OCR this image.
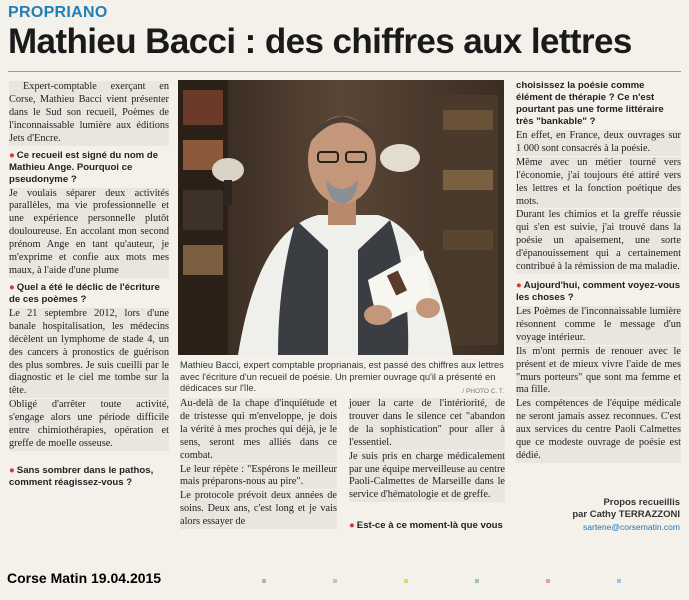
PROPRIANO
Mathieu Bacci : des chiffres aux lettres

Expert-comptable exerçant en Corse, Mathieu Bacci vient présenter dans le Sud son recueil, Poèmes de l'inconnaissable lumière aux éditions Jets d'Encre.

● Ce recueil est signé du nom de Mathieu Ange. Pourquoi ce pseudonyme ?

Je voulais séparer deux activités parallèles, ma vie professionnelle et une expérience personnelle plutôt douloureuse. En accolant mon second prénom Ange en tant qu'auteur, je m'exprime et confie aux mots mes maux, à l'aide d'une plume

● Quel a été le déclic de l'écriture de ces poèmes ?

Le 21 septembre 2012, lors d'une banale hospitalisation, les médecins décèlent un lymphome de stade 4, un des cancers à pronostics de guérison des plus sombres. Je suis cueilli par le diagnostic et le ciel me tombe sur la tête.

Obligé d'arrêter toute activité, s'engage alors une période difficile entre chimiothérapies, opération et greffe de moelle osseuse.

● Sans sombrer dans le pathos, comment réagissez-vous ?
Mathieu Bacci, expert comptable proprianais, est passé des chiffres aux lettres avec l'écriture d'un recueil de poésie. Un premier ouvrage qu'il a présenté en dédicaces sur l'île.	/ PHOTO C. T.

Au-delà de la chape d'inquiétude et de tristesse qui m'enveloppe, je dois la vérité à mes proches qui déjà, je le sens, seront mes alliés dans ce combat.

Le leur répète : "Espérons le meilleur mais préparons-nous au pire".

Le protocole prévoit deux années de soins. Deux ans, c'est long et je vais alors essayer de

jouer la carte de l'intériorité, de trouver dans le silence cet "abandon de la sophistication" pour aller à l'essentiel.

Je suis pris en charge médicalement par une équipe merveilleuse au centre Paoli-Calmettes de Marseille dans le service d'hématologie et de greffe.

● Est-ce à ce moment-là que vous
choisissez la poésie comme élément de thérapie ? Ce n'est pourtant pas une forme littéraire très "bankable" ?

En effet, en France, deux ouvrages sur 1 000 sont consacrés à la poésie.

Même avec un métier tourné vers l'économie, j'ai toujours été attiré vers les lettres et la fonction poétique des mots.

Durant les chimios et la greffe réussie qui s'en est suivie, j'ai trouvé dans la poésie un apaisement, une sorte d'épanouissement qui a certainement contribué à la rémission de ma maladie.

● Aujourd'hui, comment voyez-vous les choses ?

Les Poèmes de l'inconnaissable lumière résonnent comme le message d'un voyage intérieur.

Ils m'ont permis de renouer avec le présent et de mieux vivre l'aide de mes "murs porteurs" que sont ma femme et ma fille.

Les compétences de l'équipe médicale ne seront jamais assez reconnues. C'est aux services du centre Paoli Calmettes que ce modeste ouvrage de poésie est dédié.

Propos recueillis
par Cathy TERRAZZONI
sartene@corsematin.com
Corse Matin 19.04.2015
